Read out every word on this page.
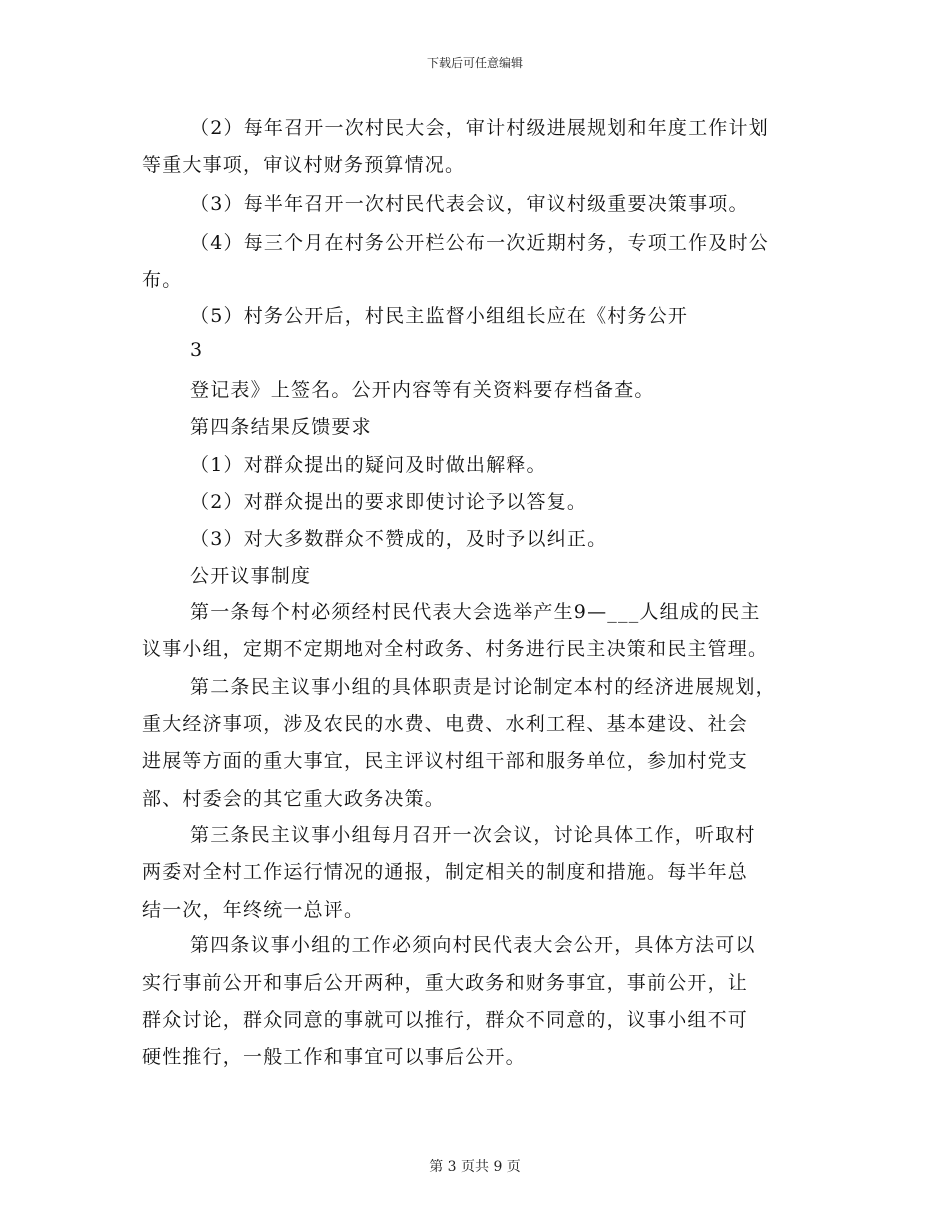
下载后可任意编辑
（2）每年召开一次村民大会，审计村级进展规划和年度工作计划
等重大事项，审议村财务预算情况。
（3）每半年召开一次村民代表会议，审议村级重要决策事项。
（4）每三个月在村务公开栏公布一次近期村务，专项工作及时公
布。
（5）村务公开后，村民主监督小组组长应在《村务公开
3
登记表》上签名。公开内容等有关资料要存档备查。
第四条结果反馈要求
（1）对群众提出的疑问及时做出解释。
（2）对群众提出的要求即使讨论予以答复。
（3）对大多数群众不赞成的，及时予以纠正。
公开议事制度
第一条每个村必须经村民代表大会选举产生9—___人组成的民主
议事小组，定期不定期地对全村政务、村务进行民主决策和民主管理。
第二条民主议事小组的具体职责是讨论制定本村的经济进展规划，
重大经济事项，涉及农民的水费、电费、水利工程、基本建设、社会
进展等方面的重大事宜，民主评议村组干部和服务单位，参加村党支
部、村委会的其它重大政务决策。
第三条民主议事小组每月召开一次会议，讨论具体工作，听取村
两委对全村工作运行情况的通报，制定相关的制度和措施。每半年总
结一次，年终统一总评。
第四条议事小组的工作必须向村民代表大会公开，具体方法可以
实行事前公开和事后公开两种，重大政务和财务事宜，事前公开，让
群众讨论，群众同意的事就可以推行，群众不同意的，议事小组不可
硬性推行，一般工作和事宜可以事后公开。
第 3 页共 9 页
